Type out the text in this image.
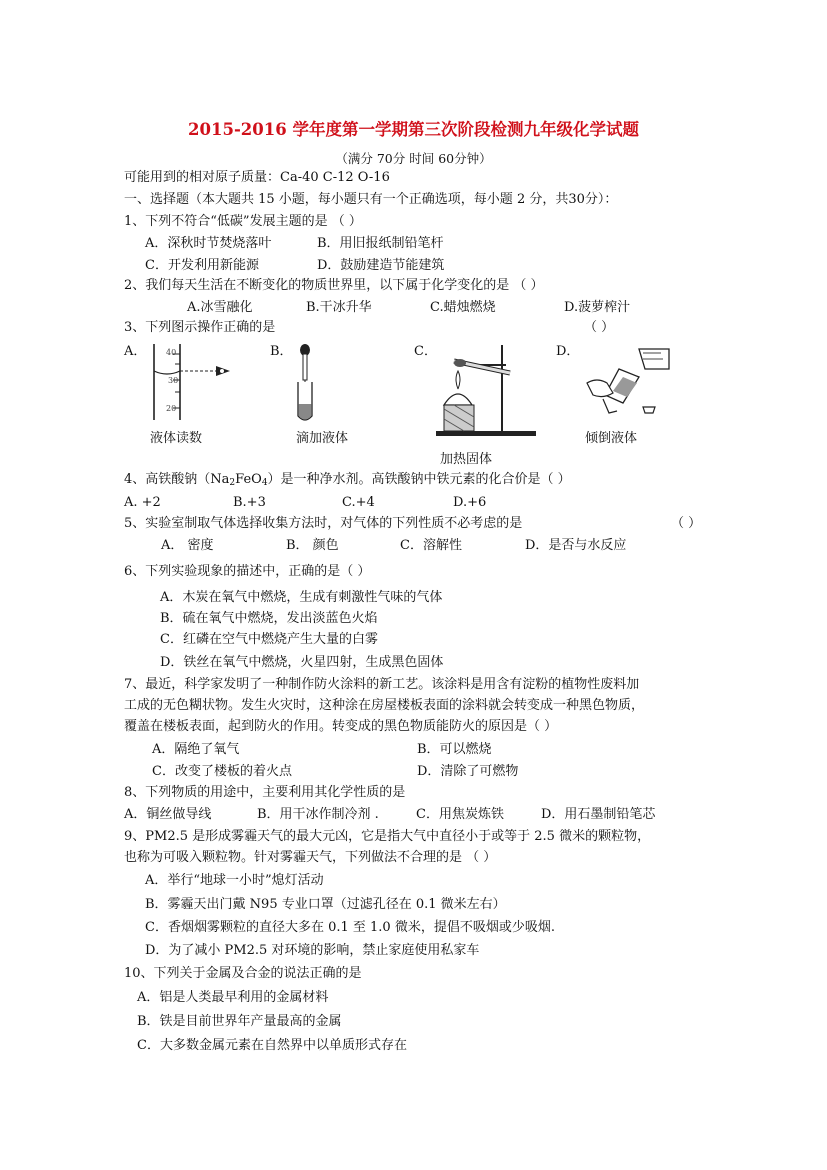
2015-2016 学年度第一学期第三次阶段检测九年级化学试题
（满分 70分 时间 60分钟）
可能用到的相对原子质量：Ca-40 C-12 O-16
一、选择题（本大题共 15 小题，每小题只有一个正确选项，每小题 2 分，共30分）：
1、下列不符合“低碳”发展主题的是 （ ）
A．深秋时节焚烧落叶	B．用旧报纸制铅笔杆
C．开发利用新能源	D．鼓励建造节能建筑
2、我们每天生活在不断变化的物质世界里，以下属于化学变化的是 （ ）
A.冰雪融化	B.干冰升华	C.蜡烛燃烧	D.菠萝榨汁
3、下列图示操作正确的是	（ ）
A．	B．	C．	D．
40
30
20
液体读数	滴加液体
加热固体
倾倒液体
4、高铁酸钠$(Na_2FeO_4)$是一种净水剂。高铁酸钠中铁元素的化合价是（ ）
A. +2	B.+3	C.+4	D.+6
5、实验室制取气体选择收集方法时，对气体的下列性质不必考虑的是	（ ）
A． 密度	B． 颜色	C．溶解性	D．是否与水反应
6、下列实验现象的描述中，正确的是（ ）
A．木炭在氧气中燃烧，生成有刺激性气味的气体
B．硫在氧气中燃烧，发出淡蓝色火焰
C．红磷在空气中燃烧产生大量的白雾
D．铁丝在氧气中燃烧，火星四射，生成黑色固体
7、最近，科学家发明了一种制作防火涂料的新工艺。该涂料是用含有淀粉的植物性废料加
工成的无色糊状物。发生火灾时，这种涂在房屋楼板表面的涂料就会转变成一种黑色物质，
覆盖在楼板表面，起到防火的作用。转变成的黑色物质能防火的原因是（ ）
A．隔绝了氧气	B．可以燃烧
C．改变了楼板的着火点	D．清除了可燃物
8、下列物质的用途中，主要利用其化学性质的是
A．铜丝做导线	B．用干冰作制冷剂 .	C．用焦炭炼铁	D．用石墨制铅笔芯
9、PM2.5 是形成雾霾天气的最大元凶，它是指大气中直径小于或等于 2.5 微米的颗粒物，
也称为可吸入颗粒物。针对雾霾天气，下列做法不合理的是 （ ）
A．举行“地球一小时”熄灯活动
B．雾霾天出门戴 N95 专业口罩（过滤孔径在 0.1 微米左右）
C．香烟烟雾颗粒的直径大多在 0.1 至 1.0 微米，提倡不吸烟或少吸烟.
D．为了减小 PM2.5 对环境的影响，禁止家庭使用私家车
10、下列关于金属及合金的说法正确的是
A．铝是人类最早利用的金属材料
B．铁是目前世界年产量最高的金属
C．大多数金属元素在自然界中以单质形式存在
